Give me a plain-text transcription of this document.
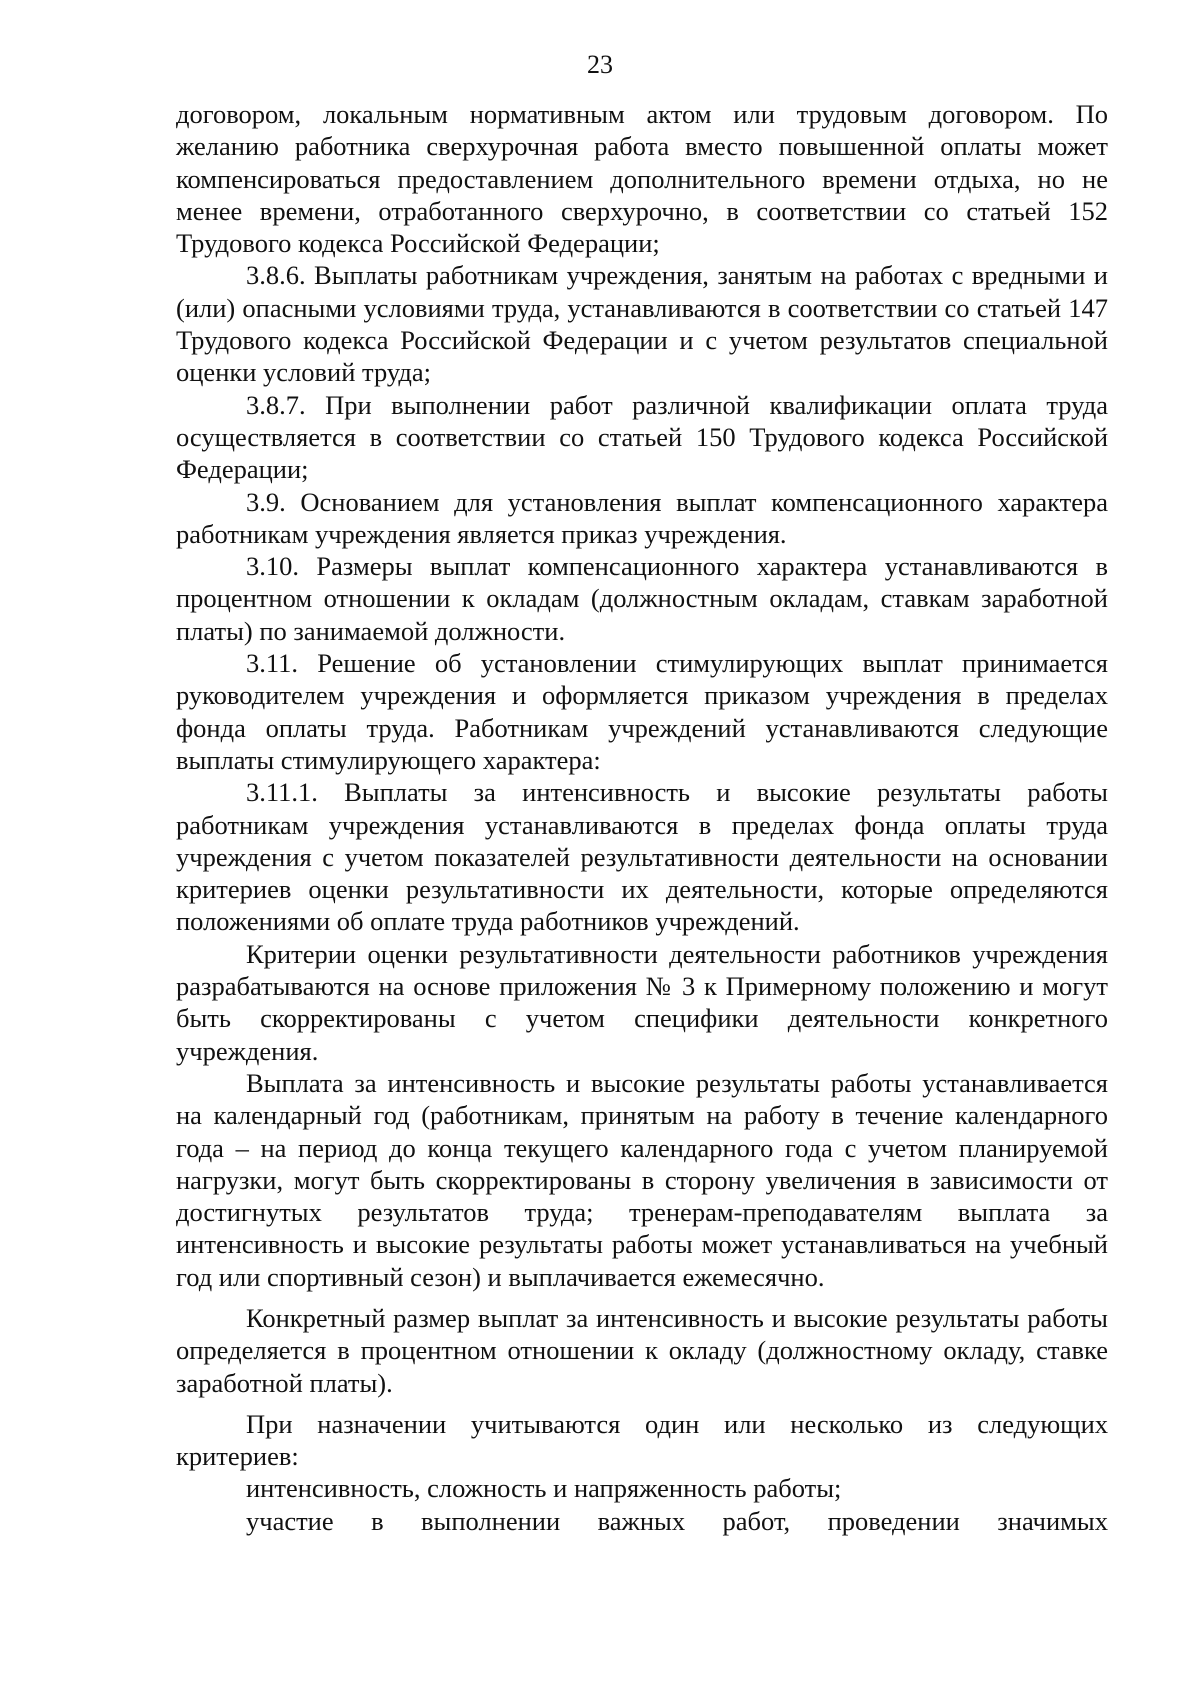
23

договором, локальным нормативным актом или трудовым договором. По желанию работника сверхурочная работа вместо повышенной оплаты может компенсироваться предоставлением дополнительного времени отдыха, но не менее времени, отработанного сверхурочно, в соответствии со статьей 152 Трудового кодекса Российской Федерации;

3.8.6. Выплаты работникам учреждения, занятым на работах с вредными и (или) опасными условиями труда, устанавливаются в соответствии со статьей 147 Трудового кодекса Российской Федерации и с учетом результатов специальной оценки условий труда;

3.8.7. При выполнении работ различной квалификации оплата труда осуществляется в соответствии со статьей 150 Трудового кодекса Российской Федерации;

3.9. Основанием для установления выплат компенсационного характера работникам учреждения является приказ учреждения.

3.10. Размеры выплат компенсационного характера устанавливаются в процентном отношении к окладам (должностным окладам, ставкам заработной платы) по занимаемой должности.

3.11. Решение об установлении стимулирующих выплат принимается руководителем учреждения и оформляется приказом учреждения в пределах фонда оплаты труда. Работникам учреждений устанавливаются следующие выплаты стимулирующего характера:

3.11.1. Выплаты за интенсивность и высокие результаты работы работникам учреждения устанавливаются в пределах фонда оплаты труда учреждения с учетом показателей результативности деятельности на основании критериев оценки результативности их деятельности, которые определяются положениями об оплате труда работников учреждений.

Критерии оценки результативности деятельности работников учреждения разрабатываются на основе приложения № 3 к Примерному положению и могут быть скорректированы с учетом специфики деятельности конкретного учреждения.

Выплата за интенсивность и высокие результаты работы устанавливается на календарный год (работникам, принятым на работу в течение календарного года – на период до конца текущего календарного года с учетом планируемой нагрузки, могут быть скорректированы в сторону увеличения в зависимости от достигнутых результатов труда; тренерам-преподавателям выплата за интенсивность и высокие результаты работы может устанавливаться на учебный год или спортивный сезон) и выплачивается ежемесячно.

Конкретный размер выплат за интенсивность и высокие результаты работы определяется в процентном отношении к окладу (должностному окладу, ставке заработной платы).

При назначении учитываются один или несколько из следующих критериев:

интенсивность, сложность и напряженность работы;

участие в выполнении важных работ, проведении значимых
